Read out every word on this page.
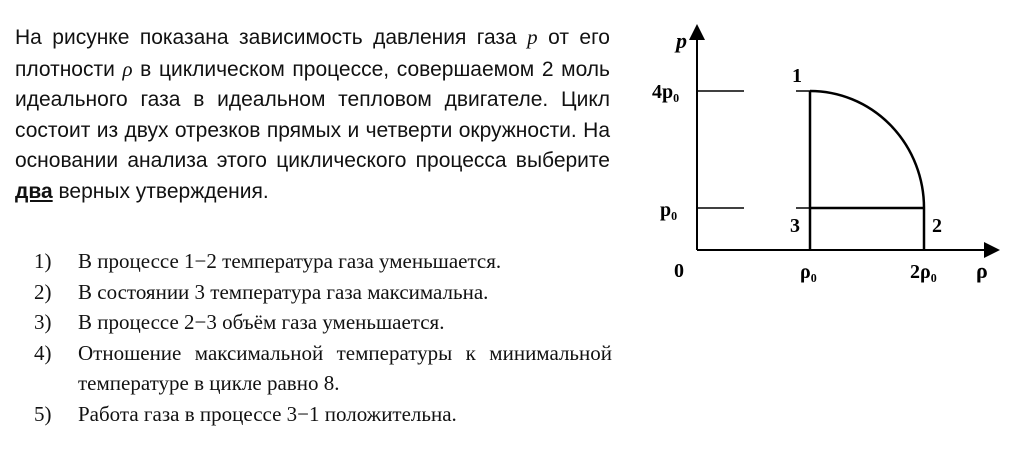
На рисунке показана зависимость давления газа p от его плотности ρ в циклическом процессе, совершаемом 2 моль идеального газа в идеальном тепловом двигателе. Цикл состоит из двух отрезков прямых и четверти окружности. На основании анализа этого циклического процесса выберите два верных утверждения.

1)	В процессе 1−2 температура газа уменьшается.
2)	В состоянии 3 температура газа максимальна.
3)	В процессе 2−3 объём газа уменьшается.
4)	Отношение максимальной температуры к минимальной температуре в цикле равно 8.
5)	Работа газа в процессе 3−1 положительна.
p
ρ
0
4p₀
p₀
ρ₀	2ρ₀
1
2
3
